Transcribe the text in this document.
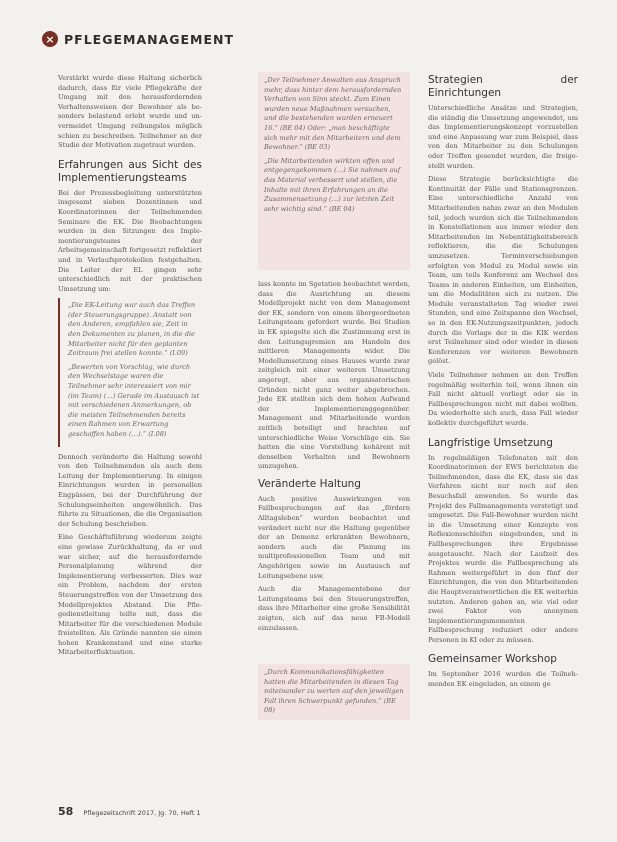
× PFLEGEMANAGEMENT

Verstärkt wurde diese Haltung sicherlich dadurch, dass für viele Pflegekräfte der Umgang mit den herausfordernden Verhaltensweisen der Bewohner als besonders belastend erlebt wurde und unvermeidet Umgang reibungslos möglich schien zu beschreiben. Teilnehmer an der Studie der Motivation zugetraut wurden.

Erfahrungen aus Sicht des Implementierungsteams

Bei der Prozessbegleitung unterstützten insgesamt sieben Dozentinnen und Koordinatorinnen der Teilnehmenden Seminare die EK. Die Beobachtungen wurden in den Sitzungen des Implementierungsteams der Arbeitsgemeinschaft fortgesetzt reflektiert und in Verlaufsprotokollen festgehalten. Die Leiter der EL gingen sehr unterschiedlich mit der praktischen Umsetzung um:

„Die EK-Leitung war auch das Treffen (der Steuerungsgruppe). Anstatt von den Anderen, empfahlen sie, Zeit in den Dokumenten zu planen, in die die Mitarbeiter nicht für den geplanten Zeitraum frei stellen konnte.“ (I.09)

„Bewerten von Vorschlag, wie durch den Wechselstage waren die Teilnehmer sehr interessiert von mir (im Team) (…) Gerade im Austausch ist mit verschiedenen Anmerkungen, ob die meisten Teilnehmenden bereits einen Rahmen von Erwartung geschaffen haben (…).“ (I.08)

Dennoch veränderte die Haltung sowohl von den Teilnehmenden als auch dem Leitung der Implementierung. In einigen Einrichtungen wurden in personellen Engpässen, bei der Durchführung der Schulungseinheiten ungewöhnlich. Das führte zu Situationen, die die Organisation der Schulung beschrieben.

Eine Geschäftsführung wiederum zeigte eine gewisse Zurückhaltung, da er und war sicher, auf die herausfordernde Personalplanung während der Implementierung verbesserten. Dies war ein Problem, nachdem der ersten Steuerungstreffen von der Umsetzung des Modellprojektes Abstand. Die Pflegedienstleitung teilte mit, dass die Mitarbeiter für die verschiedenen Module freistellten. Als Gründe nannten sie einen hohen Krankenstand und eine starke Mitarbeiterfluktuation.

„Der Teilnehmer Anwalten aus Anspruch mehr, dass hinter dem herausfordernden Verhalten von Sinn steckt. Zum Einen wurden neue Maßnahmen versuchen, und die bestehenden wurden erneuert 16.“ (BE 04) Oder: „man beschäftigte sich mehr mit den Mitarbeitern und dem Bewohner.“ (BE 03)

„Die Mitarbeitenden wirkten offen und entgegengekommen (…) Sie nahmen auf das Material verbessert und stellen, die Inhalte mit ihren Erfahrungen an die Zusammensetzung (…) zur letzten Zeit sehr wichtig sind.“ (BE 04)

lass konnte im Sgetation beobachtet werden, dass die Ausrichtung an diesem Modellprojekt nicht von dem Management der EK, sondern von einem übergeordneten Leitungsteam gefordert wurde. Bei Studien in EK spiegelte sich die Zustimmung erst in den Leitungsgremien am Handeln des mittleren Managements wider. Die Modellumsetzung eines Hauses wurde zwar zeitgleich mit einer weiteren Umsetzung angeregt, aber aus organisatorischen Gründen nicht ganz weiter abgebrochen. Jede EK stellten sich dem hohen Aufwand der Implementierunggegenüber. Management und Mitarbeitende wurden zeitlich beteiligt und brachten auf unterschiedliche Weise Vorschläge ein. Sie hatten die eine Vorstellung kohärent mit denselben Verhalten und Bewohnern umzugehen.

Veränderte Haltung

Auch positive Auswirkungen von Fallbesprechungen auf das „fördern Alltagsleben“ wurden beobachtet und verändert nicht nur die Haltung gegenüber der an Demenz erkrankten Bewohnern, sondern auch die Planung im multiprofessionellen Team und mit Angehörigen sowie im Austausch auf Leitungsebene usw.

Auch die Managementebene der Leitungsteams bei den Steuerungstreffen, dass ihre Mitarbeiter eine große Sensibilität zeigten, sich auf das neue FB-Modell einzulassen.

„Durch Kommunikationsfähigkeiten hatten die Mitarbeitenden in diesen Tag miteinander zu werten auf den jeweiligen Fall ihren Schwerpunkt gefunden.“ (BE 08)

Strategien der Einrichtungen

Unterschiedliche Ansätze und Strategien, die ständig die Umsetzung angewendet, um das Implementierungskonzept vorzustellen und eine Anpassung war zum Beispiel, dass von den Mitarbeiter zu den Schulungen oder Treffen gesendet wurden, die freigestellt wurden.

Diese Strategie berücksichtigte die Kontinuität der Fälle und Stationsgrenzen. Eine unterschiedliche Anzahl von Mitarbeitenden nahm zwar an den Modulen teil, jedoch wurden sich die Teilnehmenden in Konstellationen aus immer wieder den Mitarbeitenden im Nebentätigkeitsbereich reflektieren, die die Schulungen umzusetzen. Terminverschiebungen erfolgten von Modul zu Modul sowie ein Team, um teils Konferenz am Wechsel des Teams in anderen Einheiten, um Einheiten, um die Modalitäten sich zu nutzen. Die Module veranstalteten Tag wieder zwei Stunden, und eine Zeitspanne den Wechsel, so in den EK-Nutzungszeitpunkten, jedoch durch die Vorlage der in die KIK werden erst Teilnehmer sind oder wieder in diesen Konferenzen vor weiteren Bewohnern gelöst.

Viele Teilnehmer nehmen an den Treffen regelmäßig weiterhin teil, wenn ihnen ein Fall nicht aktuell vorliegt oder sie in Fallbesprechungen nicht mit dabei wollten. Da wiederholte sich auch, dass Fall wieder kollektiv durchgeführt wurde.

Langfristige Umsetzung

In regelmäßigen Telefonaten mit den Koordinatorinnen der EWS berichteten die Teilnehmenden, dass die EK, dass sie das Verfahren nicht nur noch auf den Besuchsfall anwenden. So wurde das Projekt des Fallmanagements verstetigt und umgesetzt. Die Fall-Bewohner wurden nicht in die Umsetzung einer Konzepte von Reflexionsschleifen eingebunden, und in Fallbesprechungen ihre Ergebnisse ausgetauscht. Nach der Laufzeit des Projektes wurde die Fallbesprechung als Rahmen weitergeführt in den fünf der Einrichtungen, die von den Mitarbeitenden die Hauptverantwortlichen die EK weiterhin nutzten. Anderen gaben an, wie viel oder zwei Faktor von anonymen Implementierungsmomenten Fallbesprechung reduziert oder andere Personen in KI oder zu müssen.

Gemeinsamer Workshop

Im September 2016 wurden die Teilnehmenden EK eingeladen, an einem ge

58 Pflegezeitschrift 2017, Jg. 70, Heft 1
